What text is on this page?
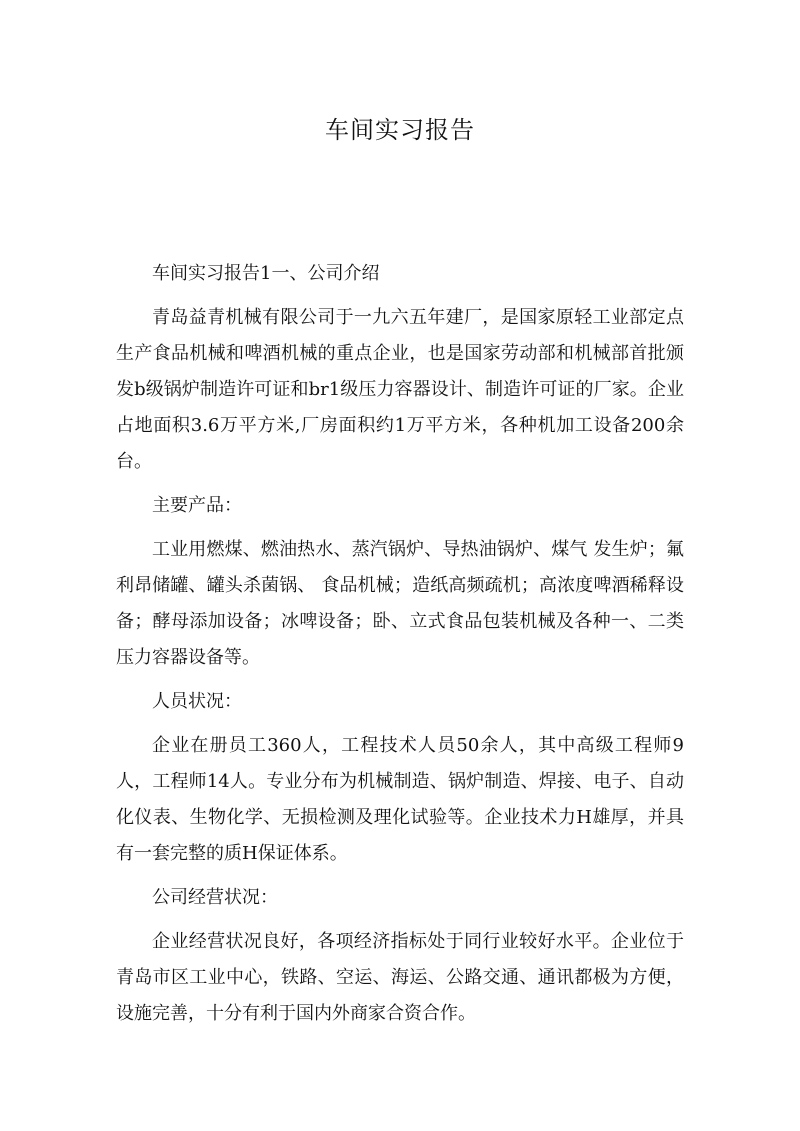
车间实习报告

车间实习报告1一、公司介绍

青岛益青机械有限公司于一九六五年建厂，是国家原轻工业部定点生产食品机械和啤酒机械的重点企业，也是国家劳动部和机械部首批颁发b级锅炉制造许可证和br1级压力容器设计、制造许可证的厂家。企业占地面积3.6万平方米,厂房面积约1万平方米，各种机加工设备200余台。

主要产品：

工业用燃煤、燃油热水、蒸汽锅炉、导热油锅炉、煤气 发生炉；氟利昂储罐、罐头杀菌锅、 食品机械；造纸高频疏机；高浓度啤酒稀释设备；酵母添加设备；冰啤设备；卧、立式食品包装机械及各种一、二类压力容器设备等。

人员状况：

企业在册员工360人，工程技术人员50余人，其中高级工程师9人，工程师14人。专业分布为机械制造、锅炉制造、焊接、电子、自动化仪表、生物化学、无损检测及理化试验等。企业技术力H雄厚，并具有一套完整的质H保证体系。

公司经营状况：

企业经营状况良好，各项经济指标处于同行业较好水平。企业位于青岛市区工业中心，铁路、空运、海运、公路交通、通讯都极为方便，设施完善，十分有利于国内外商家合资合作。
